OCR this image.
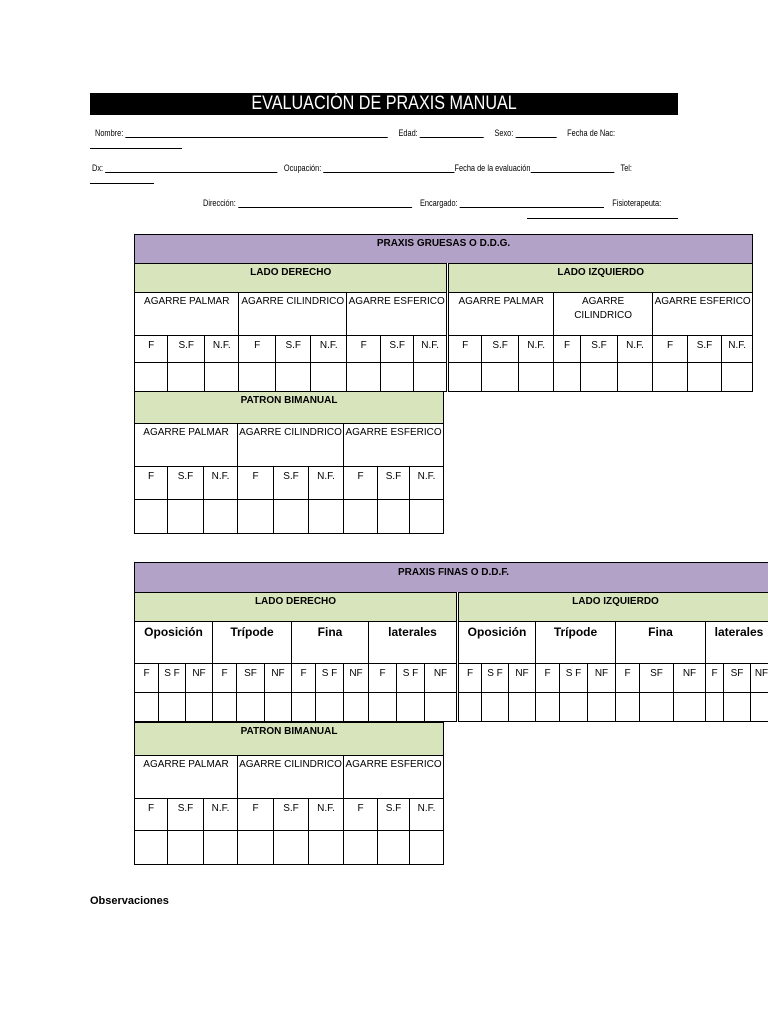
EVALUACIÓN DE PRAXIS MANUAL
Nombre:	Edad:	Sexo:	Fecha de Nac:
Dx:	Ocupación:	Fecha de la evaluación	Tel:
Dirección:	Encargado:	Fisioterapeuta:
PRAXIS GRUESAS O D.D.G.																	
LADO DERECHO									LADO IZQUIERDO								
AGARRE PALMAR			AGARRE CILINDRICO			AGARRE ESFERICO			AGARRE PALMAR			AGARRE CILINDRICO			AGARRE ESFERICO		
F	S.F	N.F.	F	S.F	N.F.	F	S.F	N.F.	F	S.F	N.F.	F	S.F	N.F.	F	S.F	N.F.

PATRON BIMANUAL								
AGARRE PALMAR			AGARRE CILINDRICO			AGARRE ESFERICO		
F	S.F	N.F.	F	S.F	N.F.	F	S.F	N.F.

PRAXIS FINAS O D.D.F.																							
LADO DERECHO												LADO IZQUIERDO											
Oposición			Trípode			Fina			laterales			Oposición			Trípode			Fina			laterales		
F	S F	NF	F	SF	NF	F	S F	NF	F	S F	NF	F	S F	NF	F	S F	NF	F	SF	NF	F	SF	NF

PATRON BIMANUAL								
AGARRE PALMAR			AGARRE CILINDRICO			AGARRE ESFERICO		
F	S.F	N.F.	F	S.F	N.F.	F	S.F	N.F.

Observaciones
